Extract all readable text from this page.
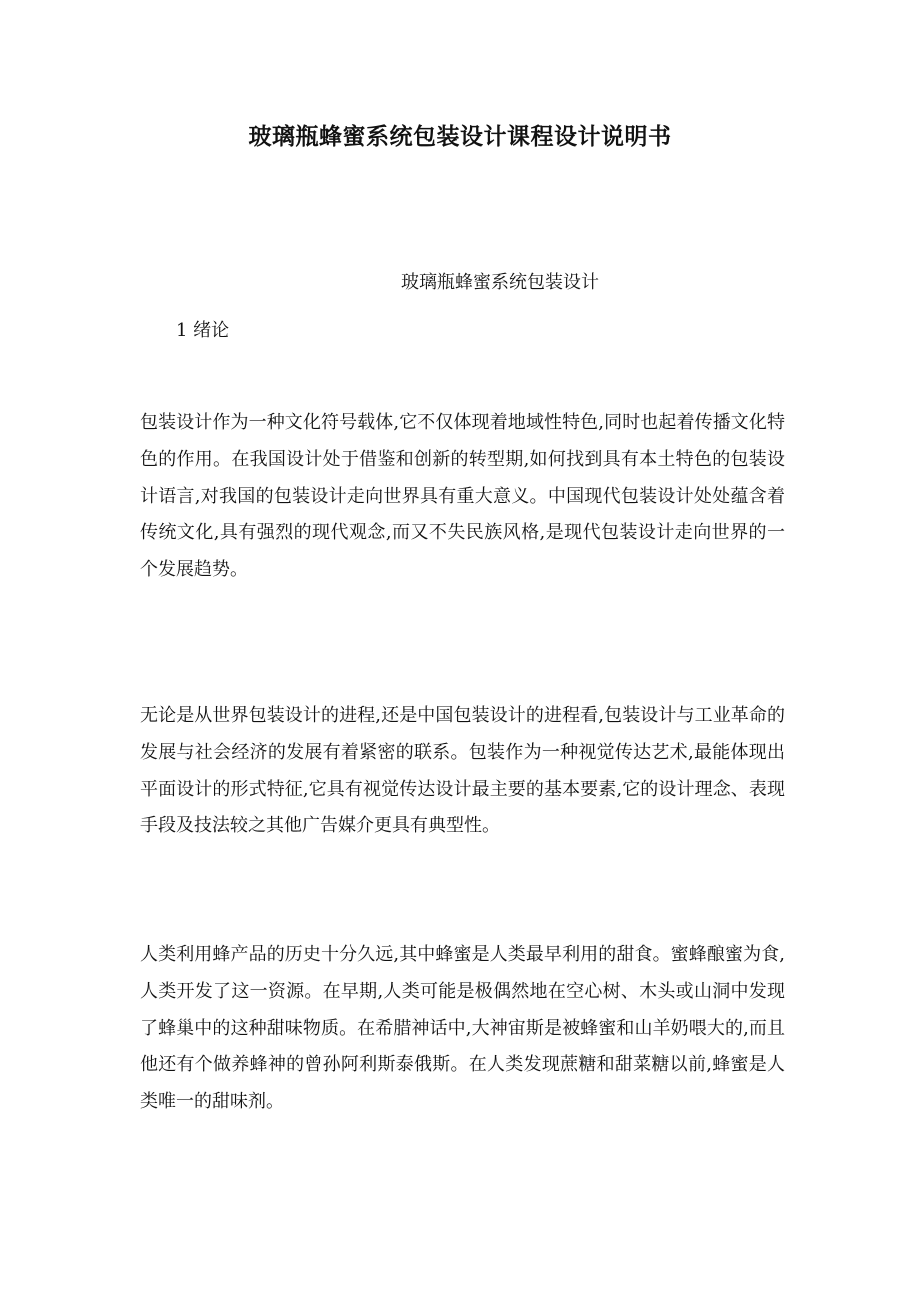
玻璃瓶蜂蜜系统包装设计课程设计说明书

玻璃瓶蜂蜜系统包装设计

1 绪论

包装设计作为一种文化符号载体,它不仅体现着地域性特色,同时也起着传播文化特色的作用。在我国设计处于借鉴和创新的转型期,如何找到具有本土特色的包装设计语言,对我国的包装设计走向世界具有重大意义。中国现代包装设计处处蕴含着传统文化,具有强烈的现代观念,而又不失民族风格,是现代包装设计走向世界的一个发展趋势。

无论是从世界包装设计的进程,还是中国包装设计的进程看,包装设计与工业革命的发展与社会经济的发展有着紧密的联系。包装作为一种视觉传达艺术,最能体现出平面设计的形式特征,它具有视觉传达设计最主要的基本要素,它的设计理念、表现手段及技法较之其他广告媒介更具有典型性。

人类利用蜂产品的历史十分久远,其中蜂蜜是人类最早利用的甜食。蜜蜂酿蜜为食,人类开发了这一资源。在早期,人类可能是极偶然地在空心树、木头或山洞中发现了蜂巢中的这种甜味物质。在希腊神话中,大神宙斯是被蜂蜜和山羊奶喂大的,而且他还有个做养蜂神的曾孙阿利斯泰俄斯。在人类发现蔗糖和甜菜糖以前,蜂蜜是人类唯一的甜味剂。
